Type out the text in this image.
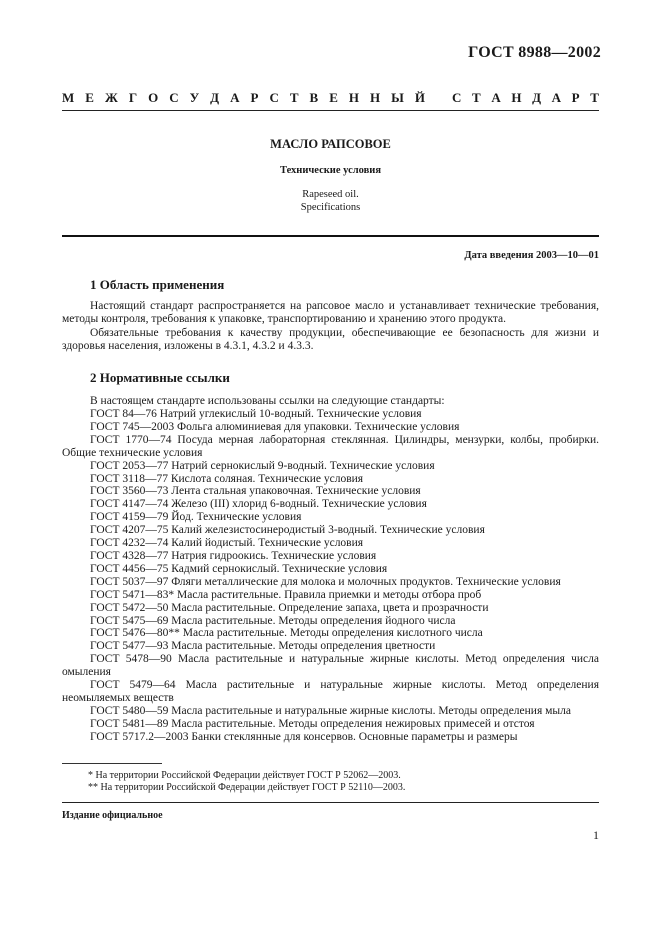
ГОСТ 8988—2002
М Е Ж Г О С У Д А Р С Т В Е Н Н Ы Й С Т А Н Д А Р Т
МАСЛО РАПСОВОЕ
Технические условия
Rapeseed oil.
Specifications
Дата введения 2003—10—01
1 Область применения
Настоящий стандарт распространяется на рапсовое масло и устанавливает технические требования, методы контроля, требования к упаковке, транспортированию и хранению этого продукта.
Обязательные требования к качеству продукции, обеспечивающие ее безопасность для жизни и здоровья населения, изложены в 4.3.1, 4.3.2 и 4.3.3.
2 Нормативные ссылки
В настоящем стандарте использованы ссылки на следующие стандарты:
ГОСТ 84—76 Натрий углекислый 10-водный. Технические условия
ГОСТ 745—2003 Фольга алюминиевая для упаковки. Технические условия
ГОСТ 1770—74 Посуда мерная лабораторная стеклянная. Цилиндры, мензурки, колбы, пробирки. Общие технические условия
ГОСТ 2053—77 Натрий сернокислый 9-водный. Технические условия
ГОСТ 3118—77 Кислота соляная. Технические условия
ГОСТ 3560—73 Лента стальная упаковочная. Технические условия
ГОСТ 4147—74 Железо (III) хлорид 6-водный. Технические условия
ГОСТ 4159—79 Йод. Технические условия
ГОСТ 4207—75 Калий железистосинеродистый 3-водный. Технические условия
ГОСТ 4232—74 Калий йодистый. Технические условия
ГОСТ 4328—77 Натрия гидроокись. Технические условия
ГОСТ 4456—75 Кадмий сернокислый. Технические условия
ГОСТ 5037—97 Фляги металлические для молока и молочных продуктов. Технические условия
ГОСТ 5471—83* Масла растительные. Правила приемки и методы отбора проб
ГОСТ 5472—50 Масла растительные. Определение запаха, цвета и прозрачности
ГОСТ 5475—69 Масла растительные. Методы определения йодного числа
ГОСТ 5476—80** Масла растительные. Методы определения кислотного числа
ГОСТ 5477—93 Масла растительные. Методы определения цветности
ГОСТ 5478—90 Масла растительные и натуральные жирные кислоты. Метод определения числа омыления
ГОСТ 5479—64 Масла растительные и натуральные жирные кислоты. Метод определения неомыляемых веществ
ГОСТ 5480—59 Масла растительные и натуральные жирные кислоты. Методы определения мыла
ГОСТ 5481—89 Масла растительные. Методы определения нежировых примесей и отстоя
ГОСТ 5717.2—2003 Банки стеклянные для консервов. Основные параметры и размеры
* На территории Российской Федерации действует ГОСТ Р 52062—2003.
** На территории Российской Федерации действует ГОСТ Р 52110—2003.
Издание официальное
1
